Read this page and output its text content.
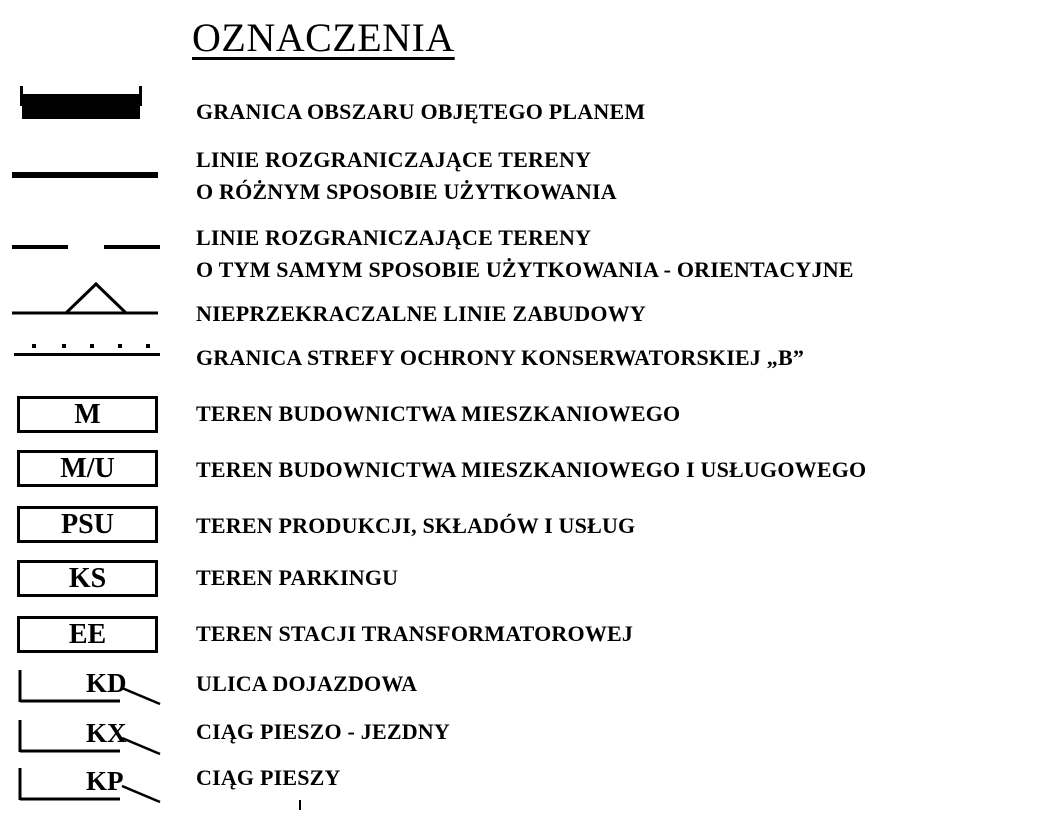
OZNACZENIA
GRANICA OBSZARU OBJĘTEGO PLANEM
LINIE ROZGRANICZAJĄCE TERENY
O RÓŻNYM SPOSOBIE UŻYTKOWANIA
LINIE ROZGRANICZAJĄCE TERENY
O TYM SAMYM SPOSOBIE UŻYTKOWANIA - ORIENTACYJNE
NIEPRZEKRACZALNE LINIE ZABUDOWY
GRANICA STREFY OCHRONY KONSERWATORSKIEJ „B”
M	TEREN BUDOWNICTWA MIESZKANIOWEGO
M/U	TEREN BUDOWNICTWA MIESZKANIOWEGO I USŁUGOWEGO
PSU	TEREN PRODUKCJI, SKŁADÓW I USŁUG
KS	TEREN PARKINGU
EE	TEREN STACJI TRANSFORMATOROWEJ
KD	ULICA DOJAZDOWA
KX	CIĄG PIESZO - JEZDNY
KP	CIĄG PIESZY
